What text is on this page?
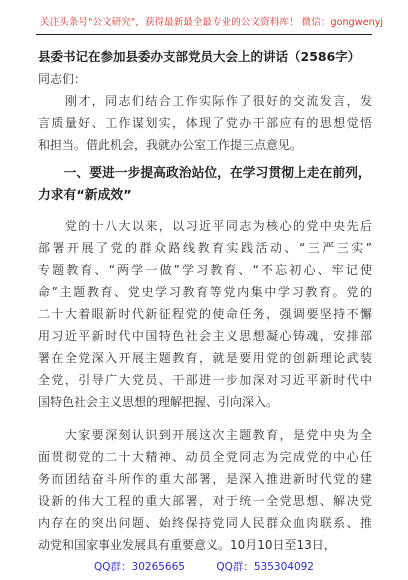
关注头条号"公文研究"，获得最新最全最专业的公文资料库！ 微信：gongwenyj
县委书记在参加县委办支部党员大会上的讲话（2586字）
同志们：
　　刚才，同志们结合工作实际作了很好的交流发言，发
言质量好、工作谋划实，体现了党办干部应有的思想觉悟
和担当。借此机会，我就办公室工作提三点意见。
　　一、要进一步提高政治站位，在学习贯彻上走在前列，
力求有“新成效”
　　党的十八大以来，以习近平同志为核心的党中央先后
部署开展了党的群众路线教育实践活动、“三严三实”
专题教育、“两学一做”学习教育、“不忘初心、牢记使
命”主题教育、党史学习教育等党内集中学习教育。党的
二十大着眼新时代新征程党的使命任务，强调要坚持不懈
用习近平新时代中国特色社会主义思想凝心铸魂，安排部
署在全党深入开展主题教育，就是要用党的创新理论武装
全党，引导广大党员、干部进一步加深对习近平新时代中
国特色社会主义思想的理解把握、引向深入。
　　大家要深刻认识到开展这次主题教育，是党中央为全
面贯彻党的二十大精神、动员全党同志为完成党的中心任
务而团结奋斗所作的重大部署，是深入推进新时代党的建
设新的伟大工程的重大部署，对于统一全党思想、解决党
内存在的突出问题、始终保持党同人民群众血肉联系、推
动党和国家事业发展具有重要意义。10月10日至13日，
QQ群：30265665	QQ群：535304092
